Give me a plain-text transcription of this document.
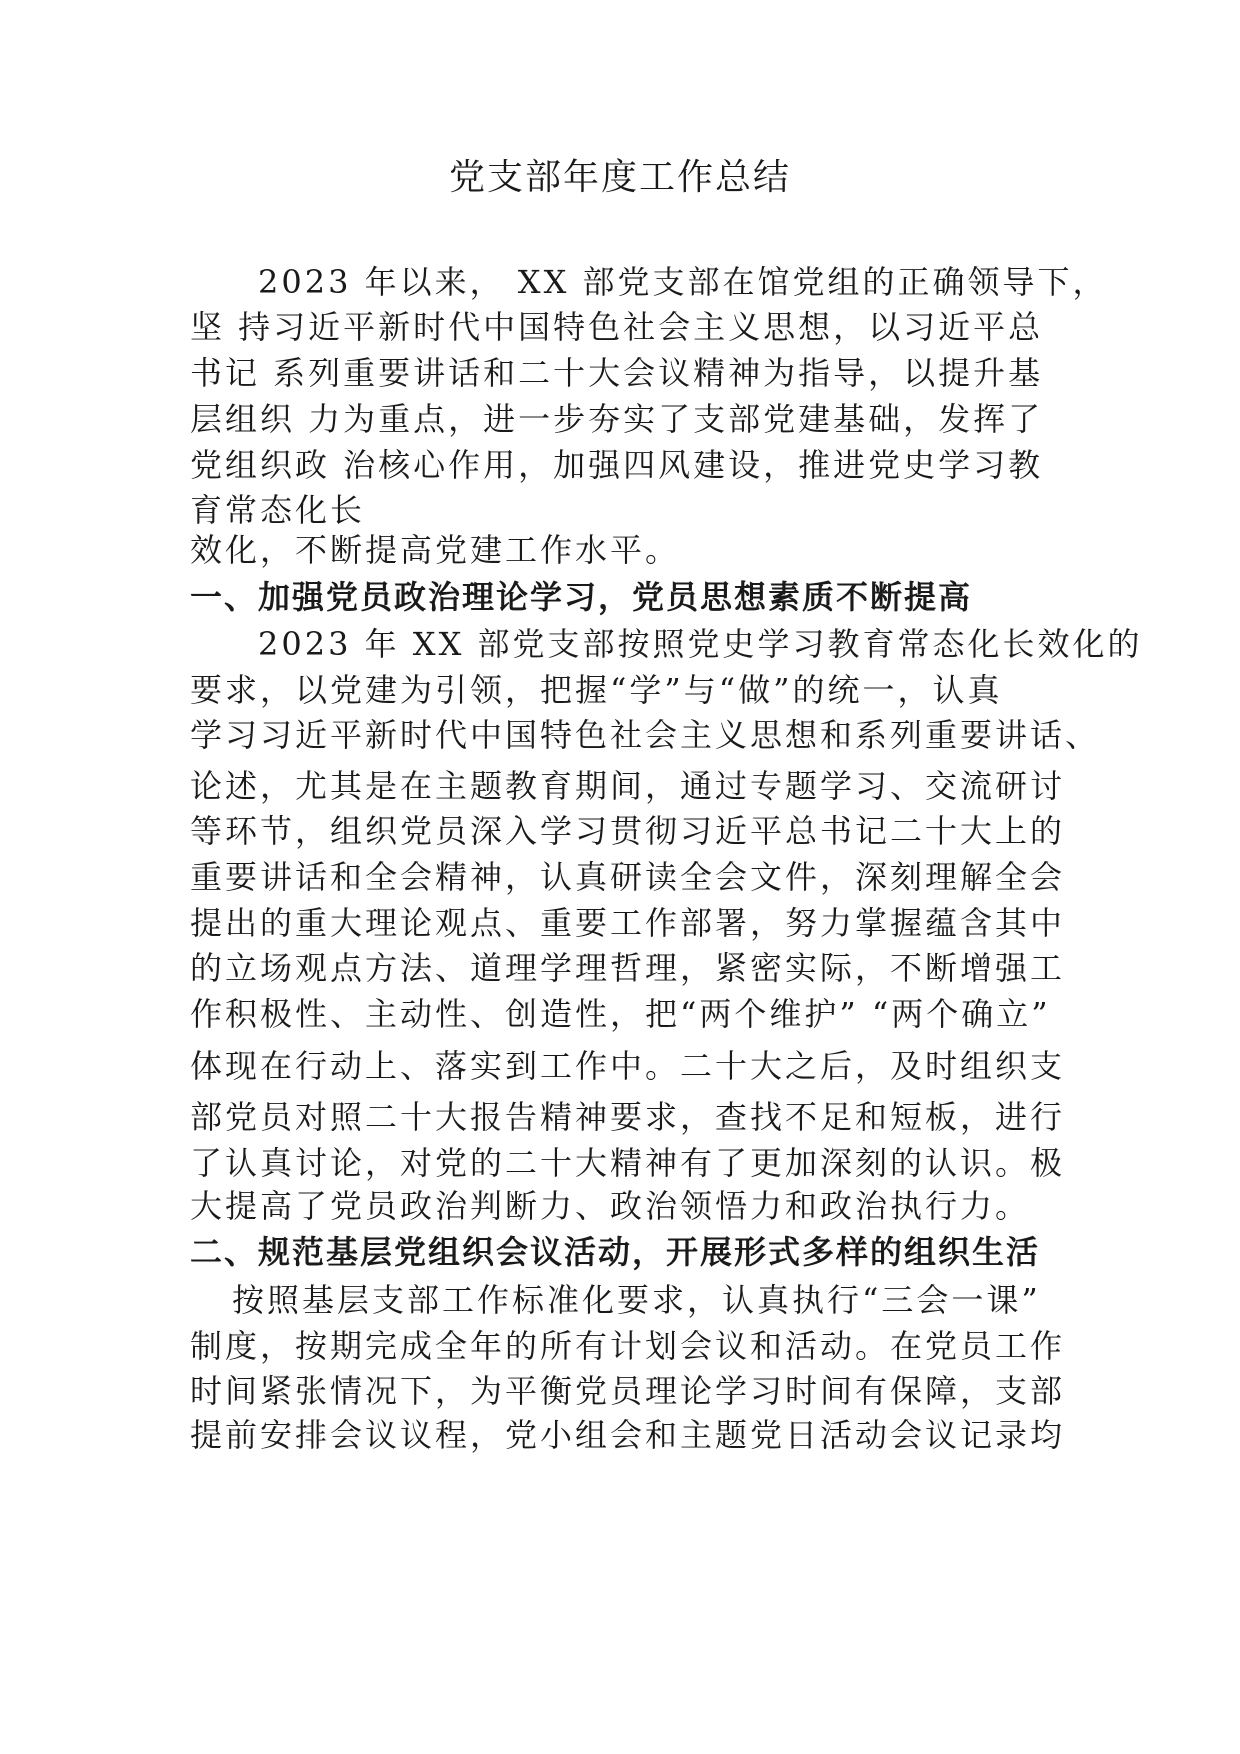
党支部年度工作总结
2023 年以来， XX 部党支部在馆党组的正确领导下，
坚 持习近平新时代中国特色社会主义思想，以习近平总
书记 系列重要讲话和二十大会议精神为指导，以提升基
层组织 力为重点，进一步夯实了支部党建基础，发挥了
党组织政 治核心作用，加强四风建设，推进党史学习教
育常态化长
效化，不断提高党建工作水平。
一、加强党员政治理论学习，党员思想素质不断提高
2023 年 XX 部党支部按照党史学习教育常态化长效化的
要求，以党建为引领，把握“学”与“做”的统一，认真
学习习近平新时代中国特色社会主义思想和系列重要讲话、
论述，尤其是在主题教育期间，通过专题学习、交流研讨
等环节，组织党员深入学习贯彻习近平总书记二十大上的
重要讲话和全会精神，认真研读全会文件，深刻理解全会
提出的重大理论观点、重要工作部署，努力掌握蕴含其中
的立场观点方法、道理学理哲理，紧密实际，不断增强工
作积极性、主动性、创造性，把“两个维护” “两个确立”
体现在行动上、落实到工作中。二十大之后，及时组织支
部党员对照二十大报告精神要求，查找不足和短板，进行
了认真讨论，对党的二十大精神有了更加深刻的认识。极
大提高了党员政治判断力、政治领悟力和政治执行力。
二、规范基层党组织会议活动，开展形式多样的组织生活
按照基层支部工作标准化要求，认真执行“三会一课”
制度，按期完成全年的所有计划会议和活动。在党员工作
时间紧张情况下，为平衡党员理论学习时间有保障，支部
提前安排会议议程，党小组会和主题党日活动会议记录均
